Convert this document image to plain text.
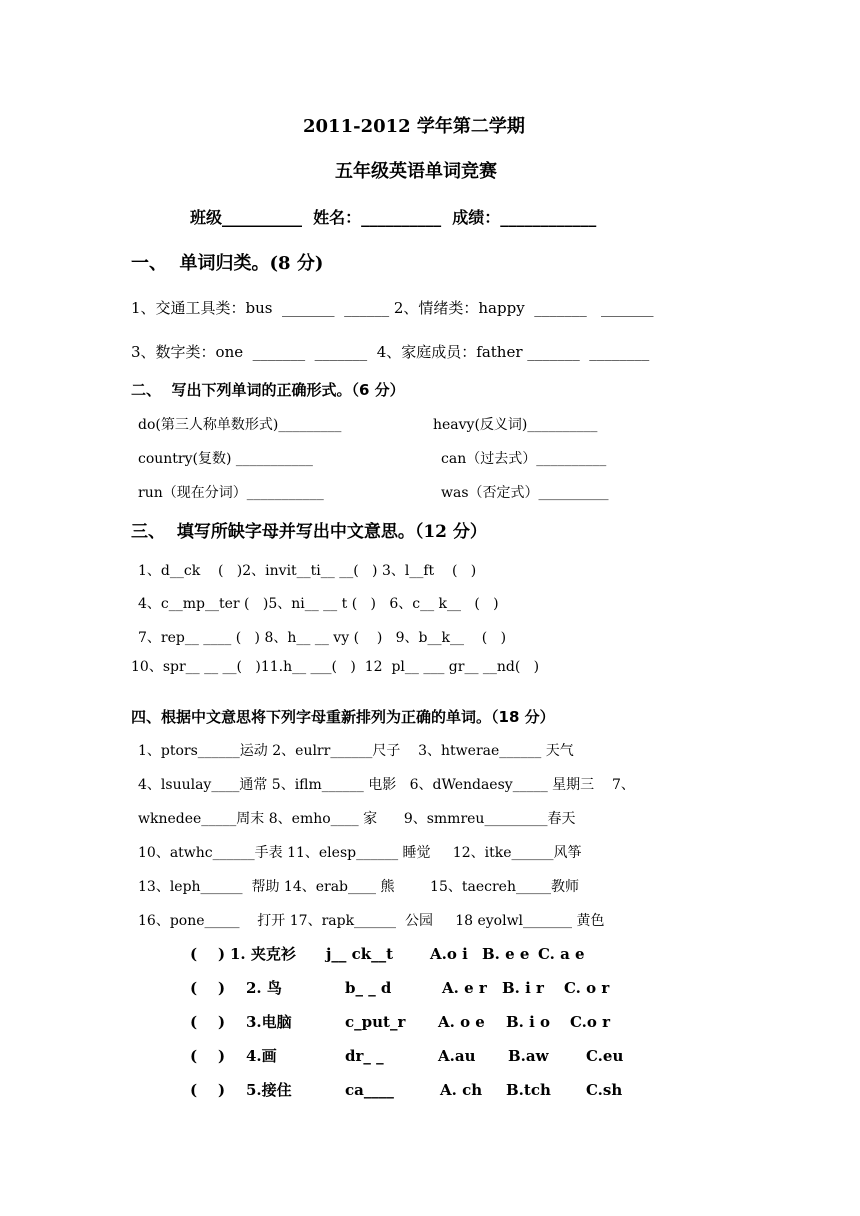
2011-2012 学年第二学期
五年级英语单词竞赛
班级__________  姓名：__________  成绩：____________
一、  单词归类。(8 分)
1、交通工具类：bus  _______  ______ 2、情绪类：happy  _______   _______
3、数字类：one  _______  _______  4、家庭成员：father _______  ________
二、  写出下列单词的正确形式。（6 分）
do(第三人称单数形式)_________	heavy(反义词)__________
country(复数) ___________	can（过去式）__________
run（现在分词）___________	was（否定式）__________
三、  填写所缺字母并写出中文意思。（12 分）
1、d__ck    (   )2、invit__ti__ __(   ) 3、l__ft    (   )
4、c__mp__ter (   )5、ni__ __ t (   )   6、c__ k__   (   )
7、rep__ ____ (   ) 8、h__ __ vy (    )   9、b__k__    (   )
10、spr__ __ __(   )11.h__ ___(   )  12  pl__ ___ gr__ __nd(   )
四、根据中文意思将下列字母重新排列为正确的单词。（18 分）
1、ptors______运动 2、eulrr______尺子    3、htwerae______ 天气
4、lsuulay____通常 5、iflm______ 电影   6、dWendaesy_____ 星期三    7、
wknedee_____周末 8、emho____ 家      9、smmreu_________春天
10、atwhc______手表 11、elesp______ 睡觉     12、itke______风筝
13、leph______  帮助 14、erab____ 熊        15、taecreh_____教师
16、pone_____    打开 17、rapk______  公园     18 eyolwl_______ 黄色
(    ) 1. 夹克衫 j__ ck__t A.o i B. e e C. a e
(    ) 2. 鸟	b_ _ d	A. e r B. i r C. o r
(    ) 3.电脑	c_put_r A. o e B. i o C.o r
(    ) 4.画	dr_ _	A.au B.aw C.eu
(    ) 5.接住	ca____	A. ch B.tch C.sh
